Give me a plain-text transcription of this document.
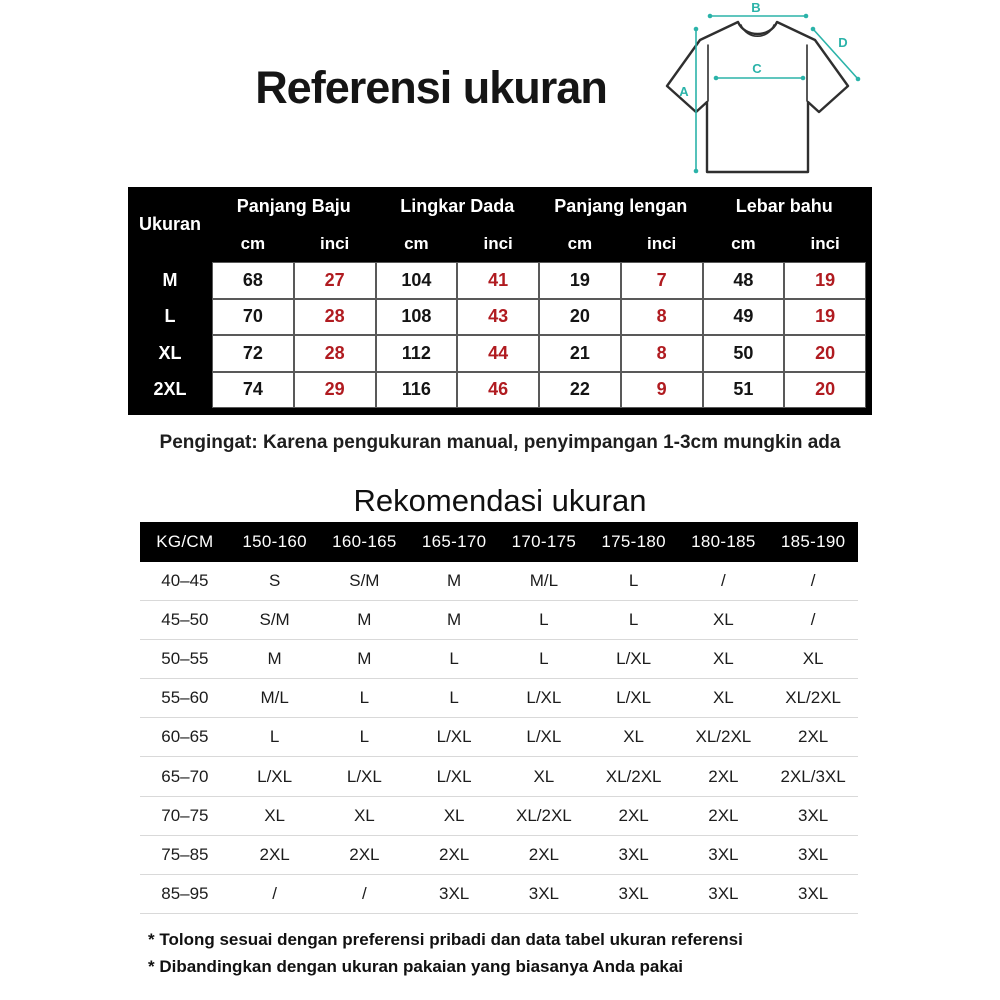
Referensi ukuran	A
B
C
D
Ukuran
Panjang Baju	Lingkar Dada	Panjang lengan	Lebar bahu
cm	inci	cm	inci	cm	inci	cm	inci
M	68	27	104	41	19	7	48	19
L	70	28	108	43	20	8	49	19
XL	72	28	112	44	21	8	50	20
2XL	74	29	116	46	22	9	51	20
Pengingat: Karena pengukuran manual, penyimpangan 1-3cm mungkin ada
Rekomendasi ukuran
KG/CM	150-160	160-165	165-170	170-175	175-180	180-185	185-190
40–45	S	S/M	M	M/L	L	/	/
45–50	S/M	M	M	L	L	XL	/
50–55	M	M	L	L	L/XL	XL	XL
55–60	M/L	L	L	L/XL	L/XL	XL	XL/2XL
60–65	L	L	L/XL	L/XL	XL	XL/2XL	2XL
65–70	L/XL	L/XL	L/XL	XL	XL/2XL	2XL	2XL/3XL
70–75	XL	XL	XL	XL/2XL	2XL	2XL	3XL
75–85	2XL	2XL	2XL	2XL	3XL	3XL	3XL
85–95	/	/	3XL	3XL	3XL	3XL	3XL
* Tolong sesuai dengan preferensi pribadi dan data tabel ukuran referensi
* Dibandingkan dengan ukuran pakaian yang biasanya Anda pakai
